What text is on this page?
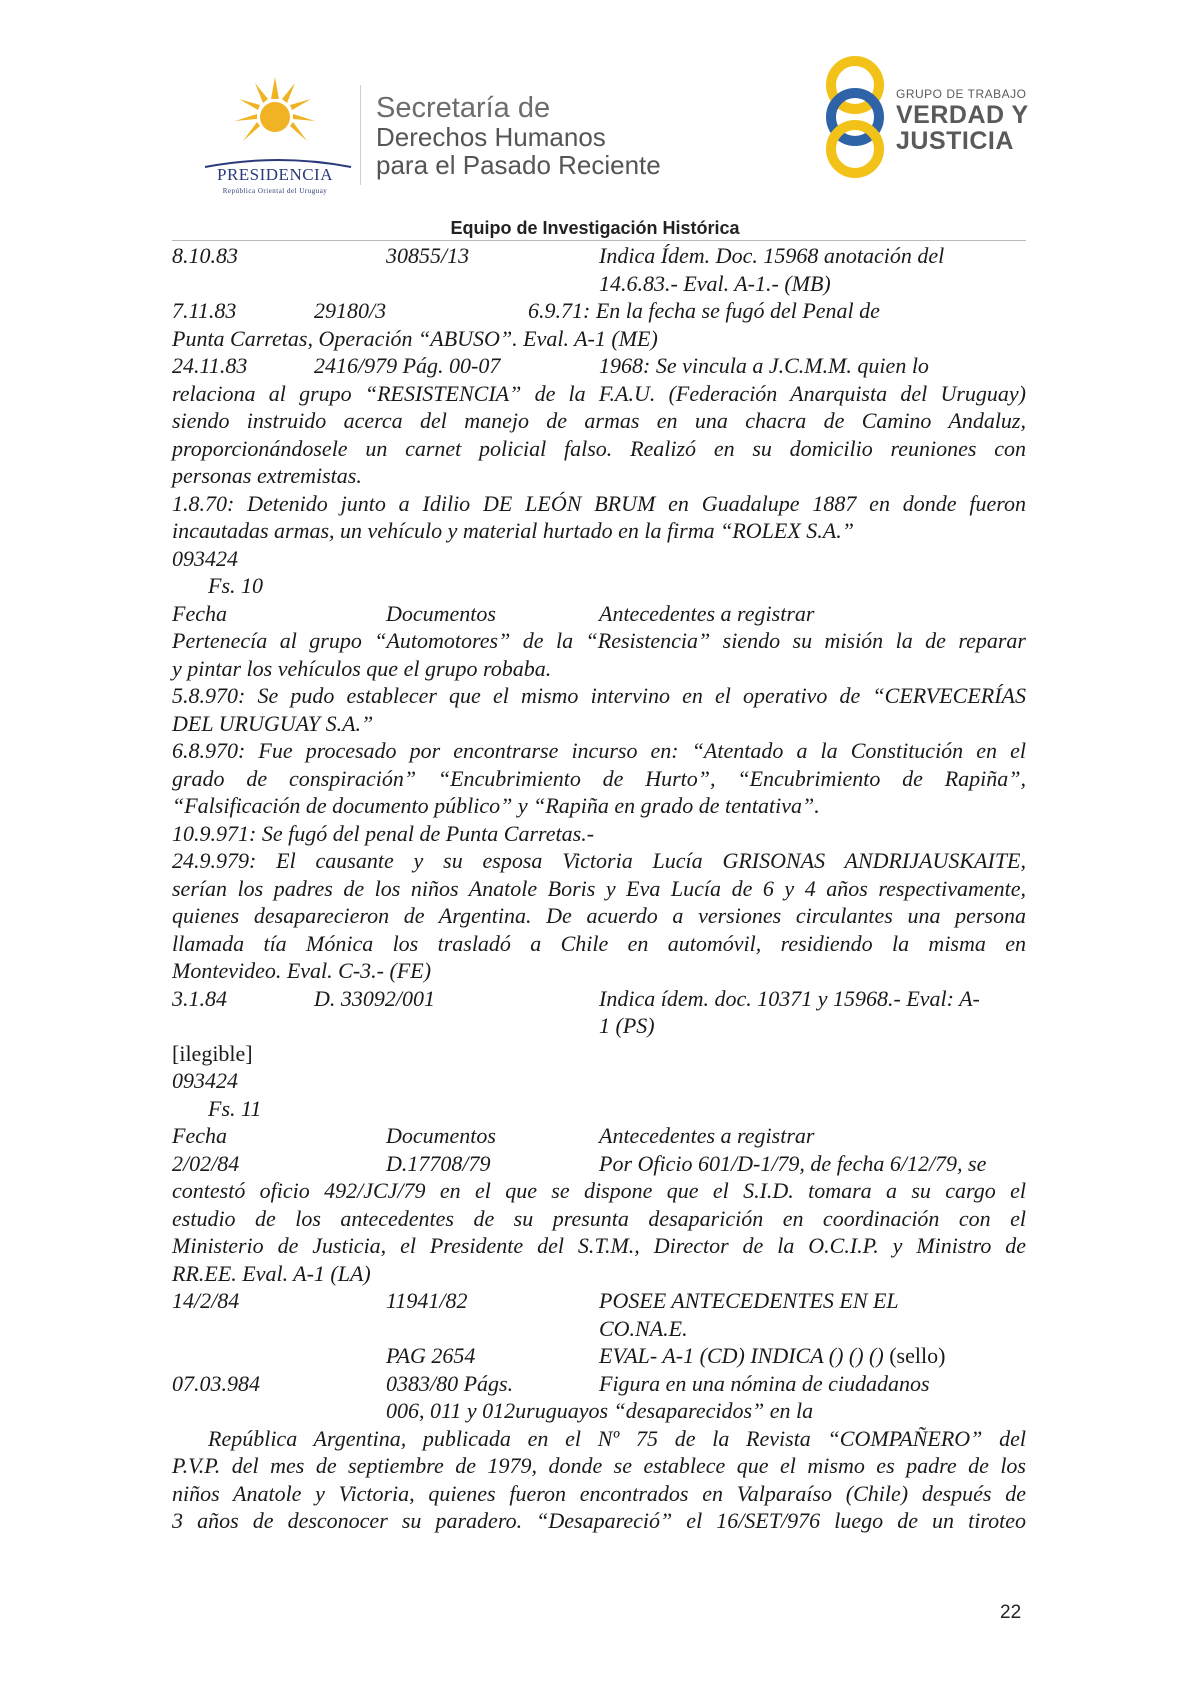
PRESIDENCIA
República Oriental del Uruguay
Secretaría de
Derechos Humanos
para el Pasado Reciente
GRUPO DE TRABAJO
VERDAD Y
JUSTICIA
Equipo de Investigación Histórica
8.10.83	30855/13	Indica Ídem. Doc. 15968 anotación del
14.6.83.- Eval. A-1.- (MB)
7.11.83	29180/3	6.9.71: En la fecha se fugó del Penal de
Punta Carretas, Operación “ABUSO”. Eval. A-1 (ME)
24.11.83	2416/979 Pág. 00-07	1968: Se vincula a J.C.M.M. quien lo
relaciona al grupo “RESISTENCIA” de la F.A.U. (Federación Anarquista del Uruguay)
siendo instruido acerca del manejo de armas en una chacra de Camino Andaluz,
proporcionándosele un carnet policial falso. Realizó en su domicilio reuniones con
personas extremistas.
1.8.70: Detenido junto a Idilio DE LEÓN BRUM en Guadalupe 1887 en donde fueron
incautadas armas, un vehículo y material hurtado en la firma “ROLEX S.A.”
093424
Fs. 10
Fecha	Documentos	Antecedentes a registrar
Pertenecía al grupo “Automotores” de la “Resistencia” siendo su misión la de reparar
y pintar los vehículos que el grupo robaba.
5.8.970: Se pudo establecer que el mismo intervino en el operativo de “CERVECERÍAS
DEL URUGUAY S.A.”
6.8.970: Fue procesado por encontrarse incurso en: “Atentado a la Constitución en el
grado de conspiración” “Encubrimiento de Hurto”, “Encubrimiento de Rapiña”,
“Falsificación de documento público” y “Rapiña en grado de tentativa”.
10.9.971: Se fugó del penal de Punta Carretas.-
24.9.979: El causante y su esposa Victoria Lucía GRISONAS ANDRIJAUSKAITE,
serían los padres de los niños Anatole Boris y Eva Lucía de 6 y 4 años respectivamente,
quienes desaparecieron de Argentina. De acuerdo a versiones circulantes una persona
llamada tía Mónica los trasladó a Chile en automóvil, residiendo la misma en
Montevideo. Eval. C-3.- (FE)
3.1.84	D. 33092/001	Indica ídem. doc. 10371 y 15968.- Eval: A-
1 (PS)
[ilegible]
093424
Fs. 11
Fecha	Documentos	Antecedentes a registrar
2/02/84	D.17708/79	Por Oficio 601/D-1/79, de fecha 6/12/79, se
contestó oficio 492/JCJ/79 en el que se dispone que el S.I.D. tomara a su cargo el
estudio de los antecedentes de su presunta desaparición en coordinación con el
Ministerio de Justicia, el Presidente del S.T.M., Director de la O.C.I.P. y Ministro de
RR.EE. Eval. A-1 (LA)
14/2/84	11941/82	POSEE ANTECEDENTES EN EL
CO.NA.E.
PAG 2654	EVAL- A-1 (CD) INDICA () () () (sello)
07.03.984	0383/80 Págs.	Figura en una nómina de ciudadanos
006, 011 y 012uruguayos “desaparecidos” en la
República Argentina, publicada en el Nº 75 de la Revista “COMPAÑERO” del
P.V.P. del mes de septiembre de 1979, donde se establece que el mismo es padre de los
niños Anatole y Victoria, quienes fueron encontrados en Valparaíso (Chile) después de
3 años de desconocer su paradero. “Desapareció” el 16/SET/976 luego de un tiroteo
22
